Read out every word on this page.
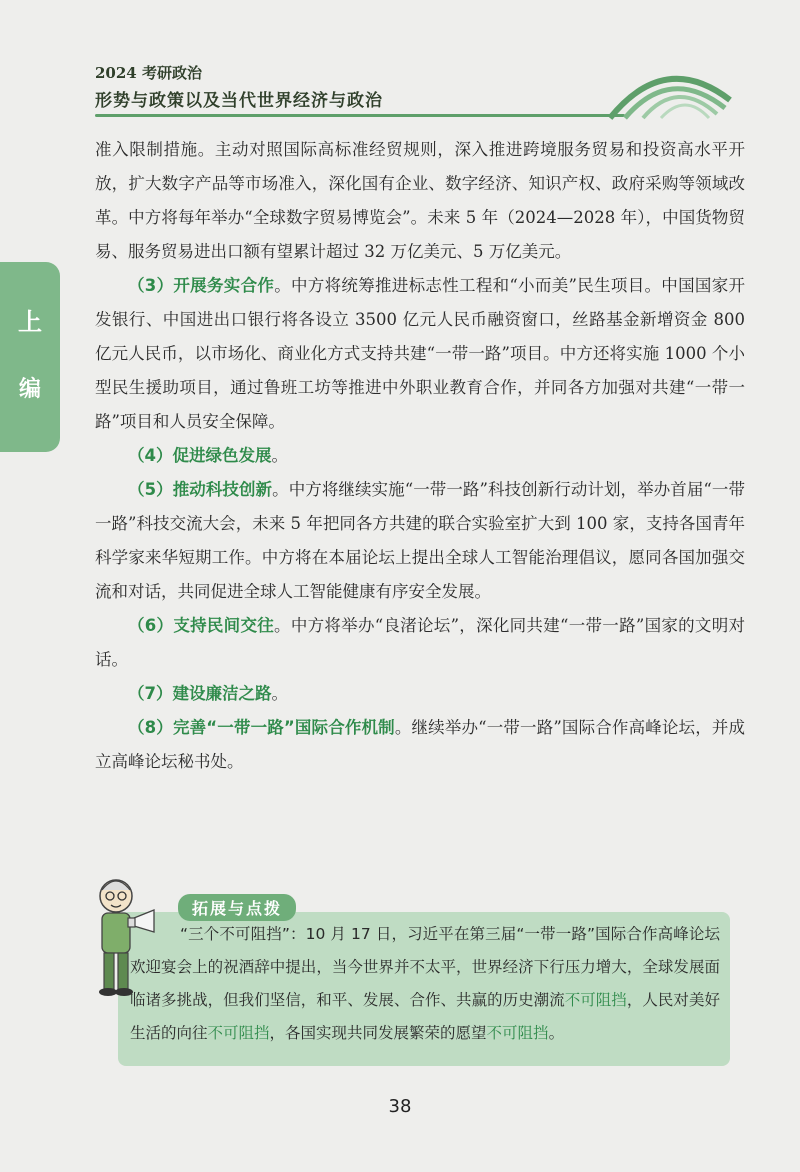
2024 考研政治
形势与政策以及当代世界经济与政治
上
编

准入限制措施。主动对照国际高标准经贸规则，深入推进跨境服务贸易和投资高水平开放，扩大数字产品等市场准入，深化国有企业、数字经济、知识产权、政府采购等领域改革。中方将每年举办“全球数字贸易博览会”。未来 5 年（2024—2028 年），中国货物贸易、服务贸易进出口额有望累计超过 32 万亿美元、5 万亿美元。

（3）开展务实合作。中方将统筹推进标志性工程和“小而美”民生项目。中国国家开发银行、中国进出口银行将各设立 3500 亿元人民币融资窗口，丝路基金新增资金 800 亿元人民币，以市场化、商业化方式支持共建“一带一路”项目。中方还将实施 1000 个小型民生援助项目，通过鲁班工坊等推进中外职业教育合作，并同各方加强对共建“一带一路”项目和人员安全保障。

（4）促进绿色发展。

（5）推动科技创新。中方将继续实施“一带一路”科技创新行动计划，举办首届“一带一路”科技交流大会，未来 5 年把同各方共建的联合实验室扩大到 100 家，支持各国青年科学家来华短期工作。中方将在本届论坛上提出全球人工智能治理倡议，愿同各国加强交流和对话，共同促进全球人工智能健康有序安全发展。

（6）支持民间交往。中方将举办“良渚论坛”，深化同共建“一带一路”国家的文明对话。

（7）建设廉洁之路。

（8）完善“一带一路”国际合作机制。继续举办“一带一路”国际合作高峰论坛，并成立高峰论坛秘书处。

拓展与点拨
“三个不可阻挡”：10 月 17 日，习近平在第三届“一带一路”国际合作高峰论坛欢迎宴会上的祝酒辞中提出，当今世界并不太平，世界经济下行压力增大，全球发展面临诸多挑战，但我们坚信，和平、发展、合作、共赢的历史潮流不可阻挡，人民对美好生活的向往不可阻挡，各国实现共同发展繁荣的愿望不可阻挡。
38
